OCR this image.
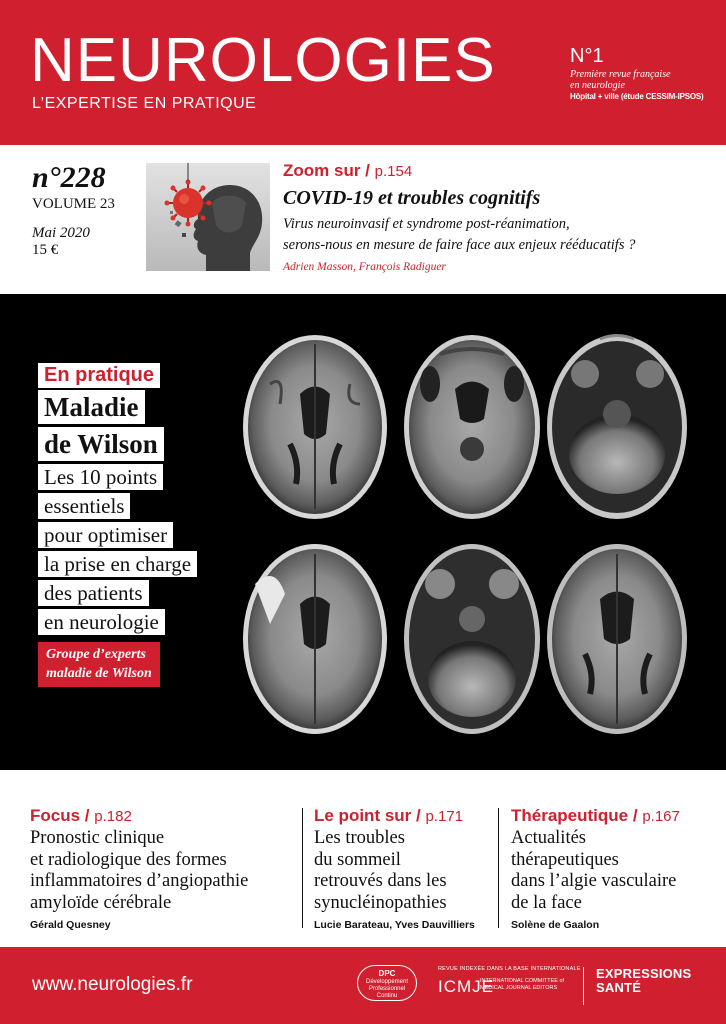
NEUROLOGIES
L’EXPERTISE EN PRATIQUE
N°1
Première revue française
en neurologie
Hôpital + ville (étude CESSIM-IPSOS)
n°228
VOLUME 23
Mai 2020
15 €
Zoom sur / p.154
COVID-19 et troubles cognitifs
Virus neuroinvasif et syndrome post-réanimation,
serons-nous en mesure de faire face aux enjeux rééducatifs ?
Adrien Masson, François Radiguer
En pratique
Maladie
de Wilson
Les 10 points
essentiels
pour optimiser
la prise en charge
des patients
en neurologie
Groupe d’experts
maladie de Wilson
Focus / p.182
Pronostic clinique
et radiologique des formes
inflammatoires d’angiopathie
amyloïde cérébrale
Gérald Quesney
Le point sur / p.171
Les troubles
du sommeil
retrouvés dans les
synucléinopathies
Lucie Barateau, Yves Dauvilliers
Thérapeutique / p.167
Actualités
thérapeutiques
dans l’algie vasculaire
de la face
Solène de Gaalon
www.neurologies.fr
DPC
Développement
Professionnel
Continu
REVUE INDEXÉE DANS LA BASE INTERNATIONALE
ICMJE
INTERNATIONAL COMMITTEE of
MEDICAL JOURNAL EDITORS
EXPRESSIONS
SANTÉ
